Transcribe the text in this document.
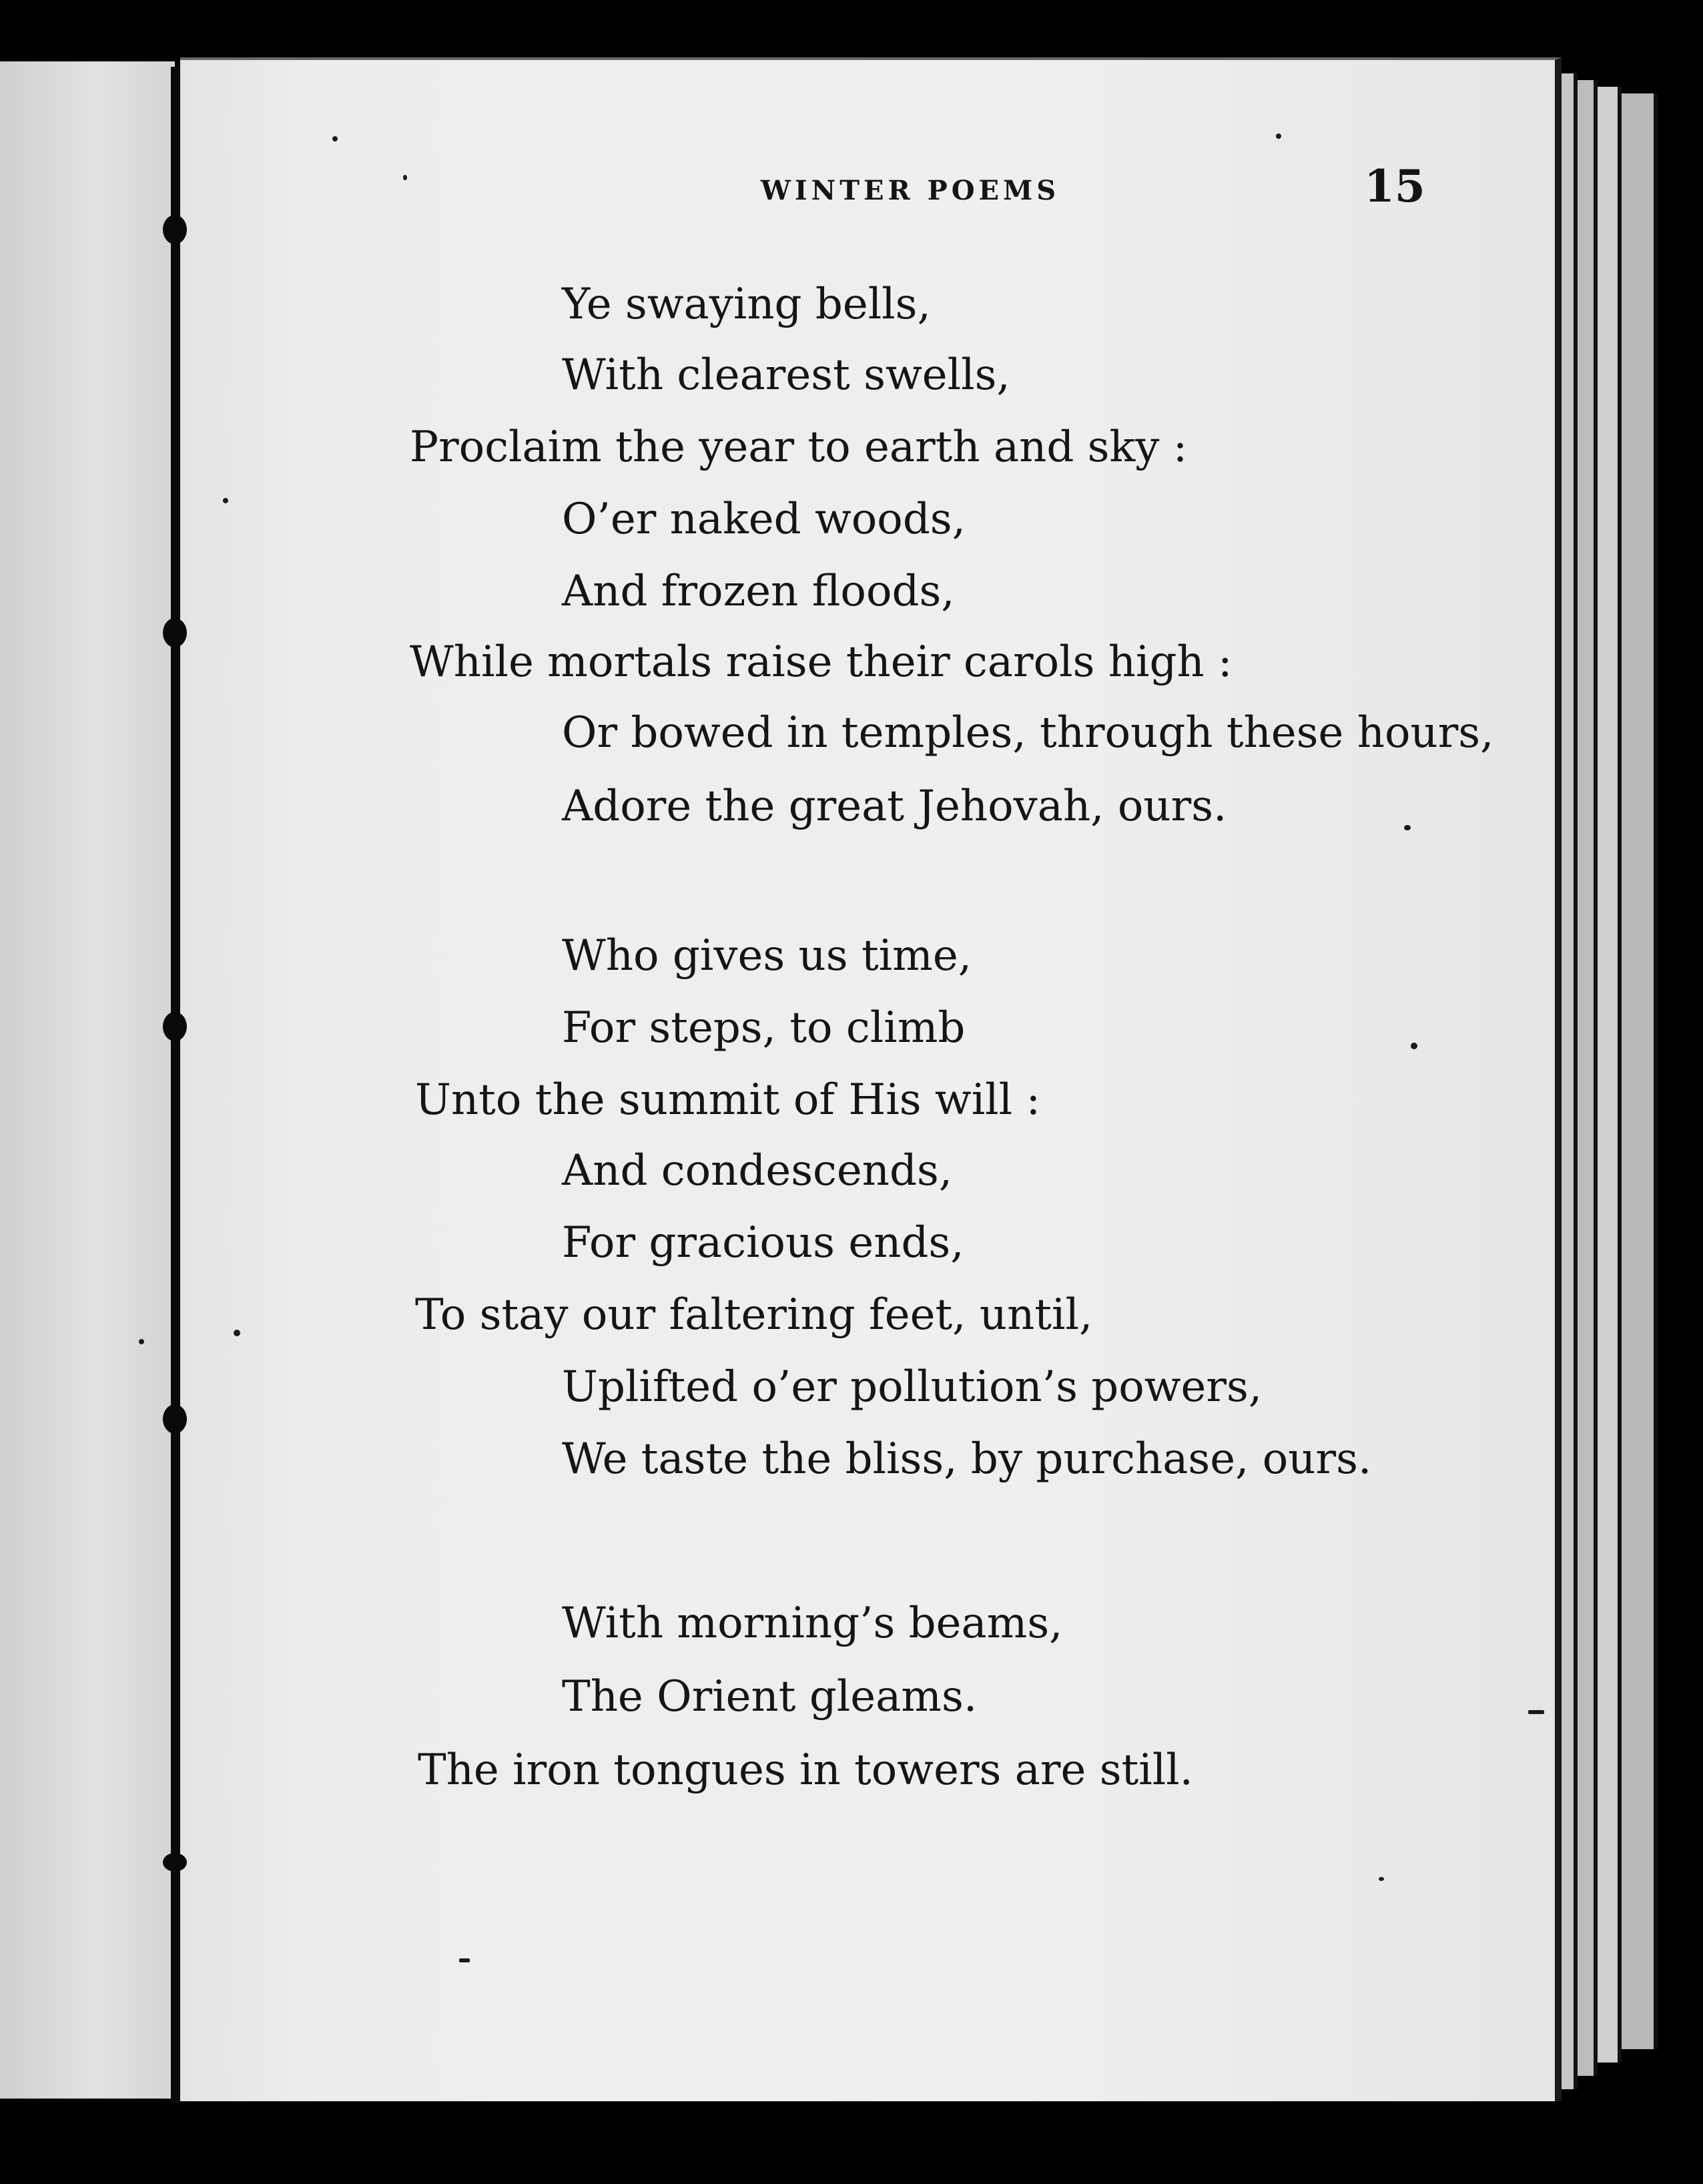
WINTER POEMS	15
Ye swaying bells,
With clearest swells,
Proclaim the year to earth and sky :
O’er naked woods,
And frozen floods,
While mortals raise their carols high :
Or bowed in temples, through these hours,
Adore the great Jehovah, ours.
Who gives us time,
For steps, to climb
Unto the summit of His will :
And condescends,
For gracious ends,
To stay our faltering feet, until,
Uplifted o’er pollution’s powers,
We taste the bliss, by purchase, ours.
With morning’s beams,
The Orient gleams.
The iron tongues in towers are still.
